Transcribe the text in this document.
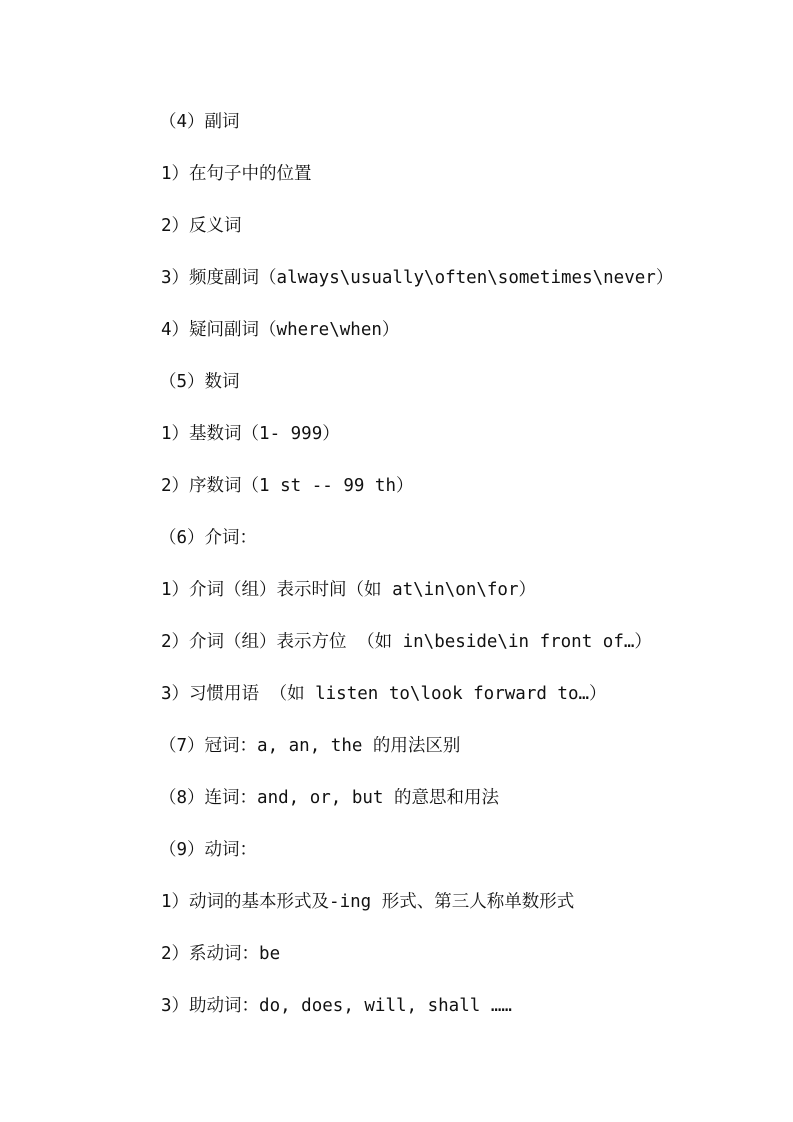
（4）副词
1）在句子中的位置
2）反义词
3）频度副词（always\usually\often\sometimes\never）
4）疑问副词（where\when）
（5）数词
1）基数词（1- 999）
2）序数词（1 st -- 99 th）
（6）介词：
1）介词（组）表示时间（如 at\in\on\for）
2）介词（组）表示方位 （如 in\beside\in front of…）
3）习惯用语 （如 listen to\look forward to…）
（7）冠词：a, an, the 的用法区别
（8）连词：and, or, but 的意思和用法
（9）动词：
1）动词的基本形式及-ing 形式、第三人称单数形式
2）系动词：be
3）助动词：do, does, will, shall ……
